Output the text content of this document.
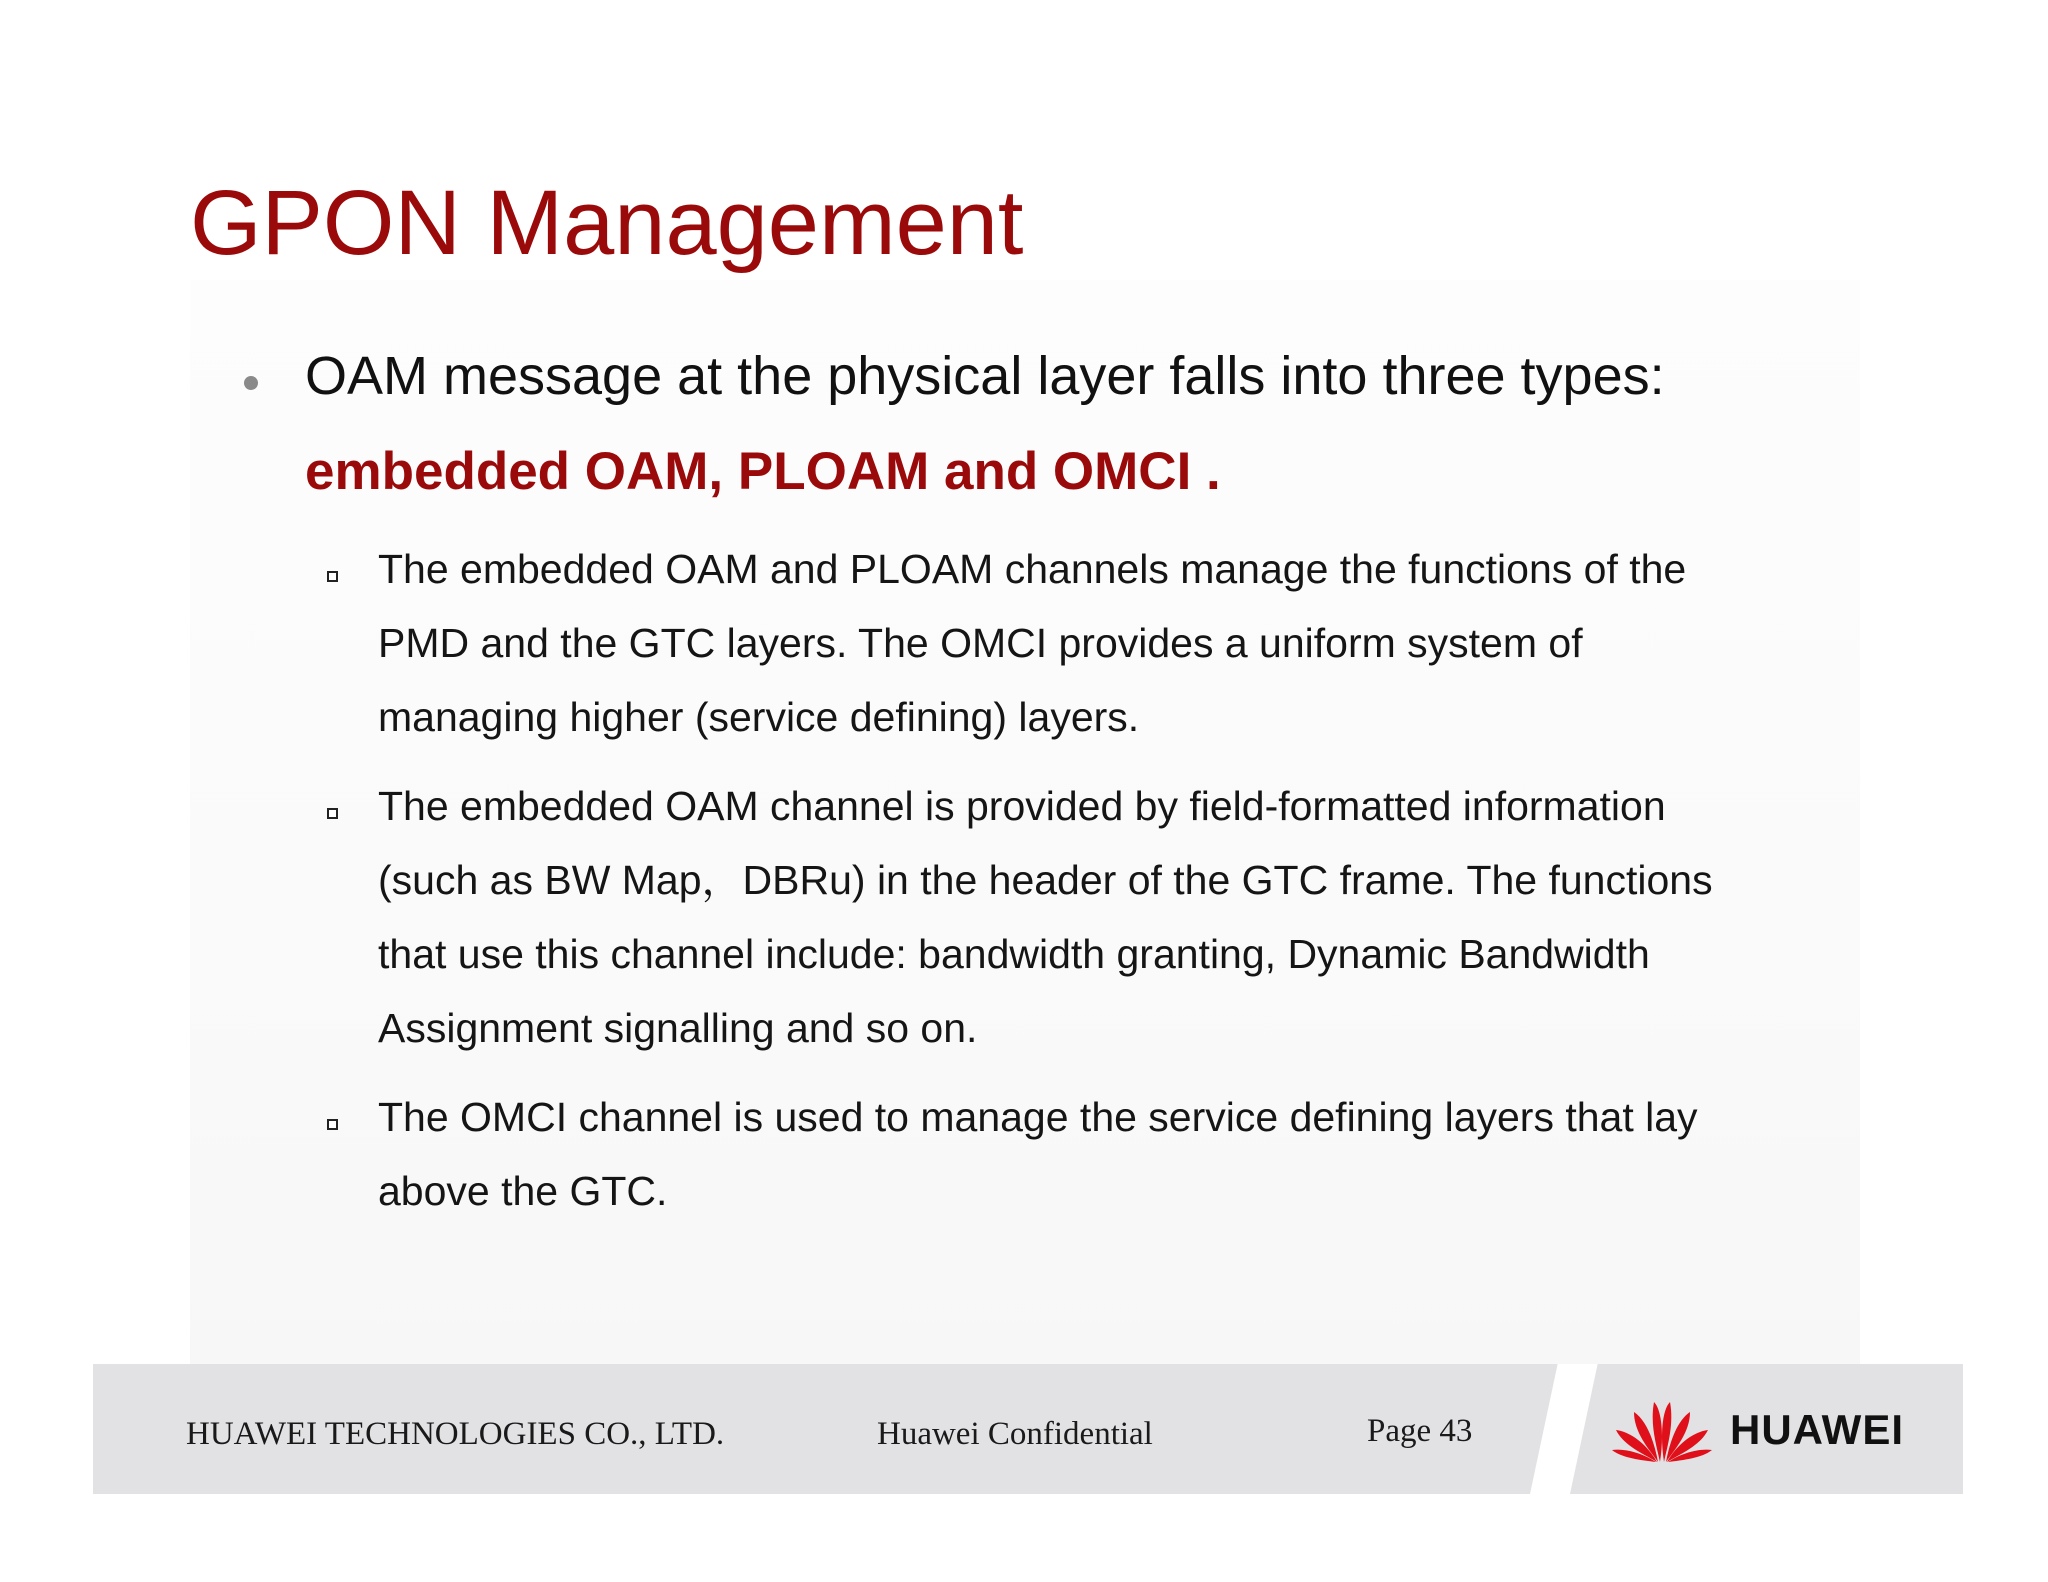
GPON Management
OAM message at the physical layer falls into three types:
embedded OAM, PLOAM and OMCI .
The embedded OAM and PLOAM channels manage the functions of the
PMD and the GTC layers. The OMCI provides a uniform system of
managing higher (service defining) layers.
The embedded OAM channel is provided by field-formatted information
(such as BW Map，DBRu) in the header of the GTC frame. The functions
that use this channel include: bandwidth granting, Dynamic Bandwidth
Assignment signalling and so on.
The OMCI channel is used to manage the service defining layers that lay
above the GTC.
HUAWEI TECHNOLOGIES CO., LTD.	Huawei Confidential	Page 43	HUAWEI
